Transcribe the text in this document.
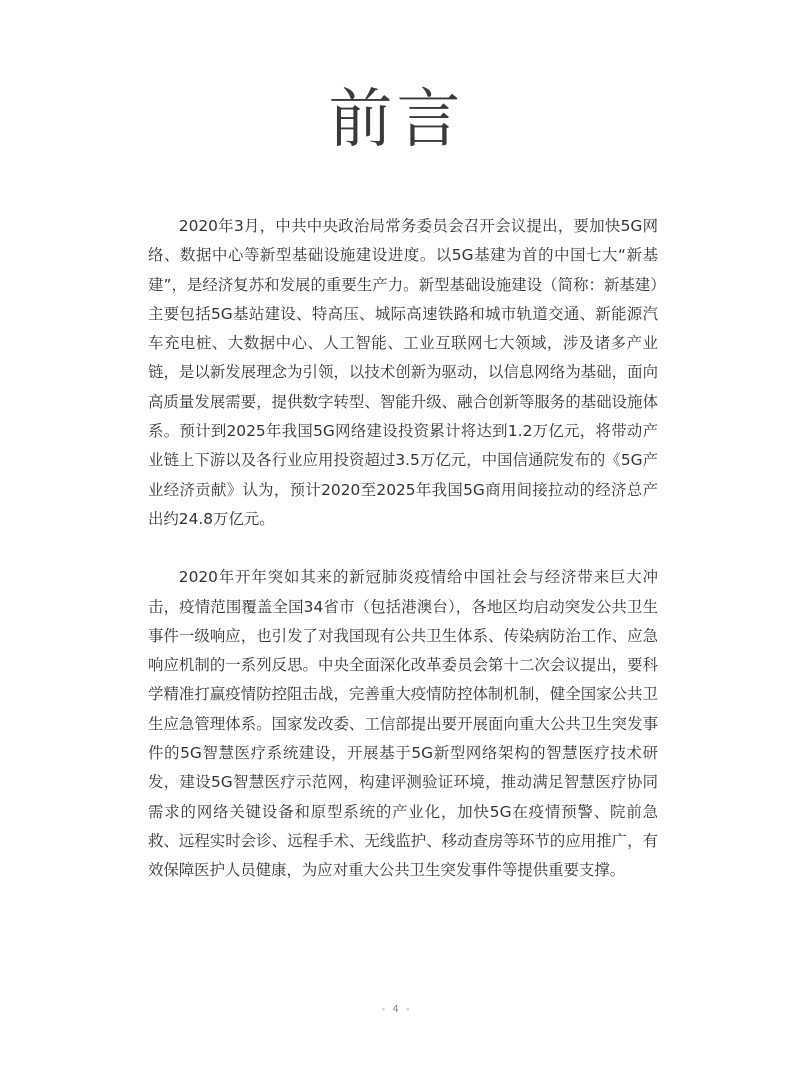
前言

2020年3月，中共中央政治局常务委员会召开会议提出，要加快5G网络、数据中心等新型基础设施建设进度。以5G基建为首的中国七大“新基建”，是经济复苏和发展的重要生产力。新型基础设施建设（简称：新基建）主要包括5G基站建设、特高压、城际高速铁路和城市轨道交通、新能源汽车充电桩、大数据中心、人工智能、工业互联网七大领域，涉及诸多产业链，是以新发展理念为引领，以技术创新为驱动，以信息网络为基础，面向高质量发展需要，提供数字转型、智能升级、融合创新等服务的基础设施体系。预计到2025年我国5G网络建设投资累计将达到1.2万亿元，将带动产业链上下游以及各行业应用投资超过3.5万亿元，中国信通院发布的《5G产业经济贡献》认为，预计2020至2025年我国5G商用间接拉动的经济总产出约24.8万亿元。

2020年开年突如其来的新冠肺炎疫情给中国社会与经济带来巨大冲击，疫情范围覆盖全国34省市（包括港澳台），各地区均启动突发公共卫生事件一级响应，也引发了对我国现有公共卫生体系、传染病防治工作、应急响应机制的一系列反思。中央全面深化改革委员会第十二次会议提出，要科学精准打赢疫情防控阻击战，完善重大疫情防控体制机制，健全国家公共卫生应急管理体系。国家发改委、工信部提出要开展面向重大公共卫生突发事件的5G智慧医疗系统建设，开展基于5G新型网络架构的智慧医疗技术研发，建设5G智慧医疗示范网，构建评测验证环境，推动满足智慧医疗协同需求的网络关键设备和原型系统的产业化，加快5G在疫情预警、院前急救、远程实时会诊、远程手术、无线监护、移动查房等环节的应用推广，有效保障医护人员健康，为应对重大公共卫生突发事件等提供重要支撑。

- 4 -
